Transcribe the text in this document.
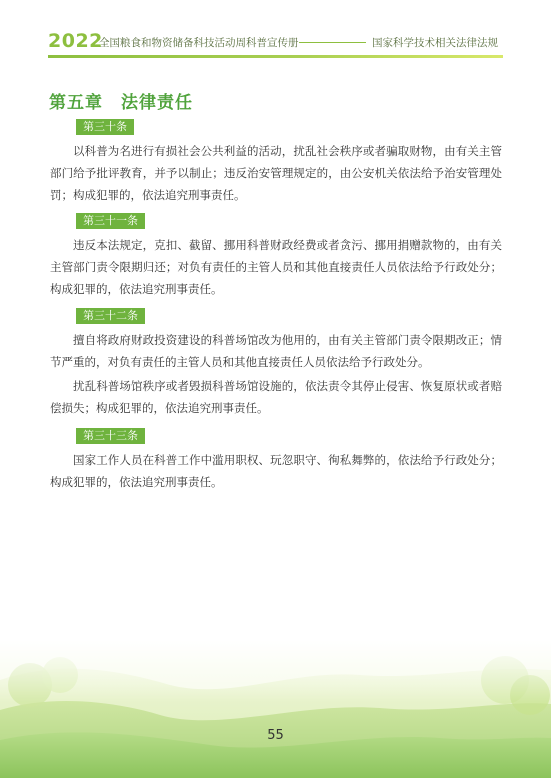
2022
全国粮食和物资储备科技活动周科普宣传册	国家科学技术相关法律法规
第五章　法律责任
第三十条
以科普为名进行有损社会公共利益的活动，扰乱社会秩序或者骗取财物，由有关主管部门给予批评教育，并予以制止；违反治安管理规定的，由公安机关依法给予治安管理处罚；构成犯罪的，依法追究刑事责任。
第三十一条
违反本法规定，克扣、截留、挪用科普财政经费或者贪污、挪用捐赠款物的，由有关主管部门责令限期归还；对负有责任的主管人员和其他直接责任人员依法给予行政处分；构成犯罪的，依法追究刑事责任。
第三十二条
擅自将政府财政投资建设的科普场馆改为他用的，由有关主管部门责令限期改正；情节严重的，对负有责任的主管人员和其他直接责任人员依法给予行政处分。
扰乱科普场馆秩序或者毁损科普场馆设施的，依法责令其停止侵害、恢复原状或者赔偿损失；构成犯罪的，依法追究刑事责任。
第三十三条
国家工作人员在科普工作中滥用职权、玩忽职守、徇私舞弊的，依法给予行政处分；构成犯罪的，依法追究刑事责任。
55
